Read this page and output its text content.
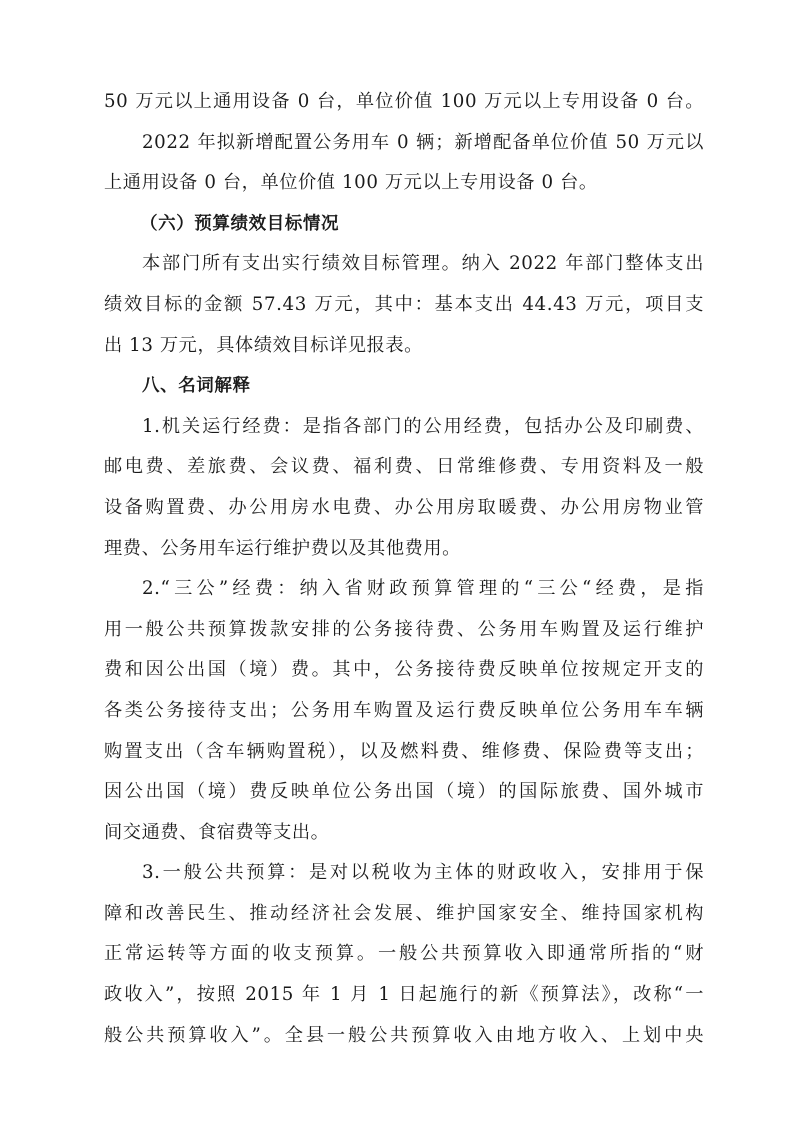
50 万元以上通用设备 0 台，单位价值 100 万元以上专用设备 0 台。
2022 年拟新增配置公务用车 0 辆；新增配备单位价值 50 万元以
上通用设备 0 台，单位价值 100 万元以上专用设备 0 台。
（六）预算绩效目标情况
本部门所有支出实行绩效目标管理。纳入 2022 年部门整体支出
绩效目标的金额 57.43 万元，其中：基本支出 44.43 万元，项目支
出 13 万元，具体绩效目标详见报表。
八、名词解释
1.机关运行经费：是指各部门的公用经费，包括办公及印刷费、
邮电费、差旅费、会议费、福利费、日常维修费、专用资料及一般
设备购置费、办公用房水电费、办公用房取暖费、办公用房物业管
理费、公务用车运行维护费以及其他费用。
2.“三公”经费：纳入省财政预算管理的“三公“经费，是指
用一般公共预算拨款安排的公务接待费、公务用车购置及运行维护
费和因公出国（境）费。其中，公务接待费反映单位按规定开支的
各类公务接待支出；公务用车购置及运行费反映单位公务用车车辆
购置支出（含车辆购置税），以及燃料费、维修费、保险费等支出；
因公出国（境）费反映单位公务出国（境）的国际旅费、国外城市
间交通费、食宿费等支出。
3.一般公共预算：是对以税收为主体的财政收入，安排用于保
障和改善民生、推动经济社会发展、维护国家安全、维持国家机构
正常运转等方面的收支预算。一般公共预算收入即通常所指的“财
政收入”，按照 2015 年 1 月 1 日起施行的新《预算法》，改称“一
般公共预算收入”。全县一般公共预算收入由地方收入、上划中央
